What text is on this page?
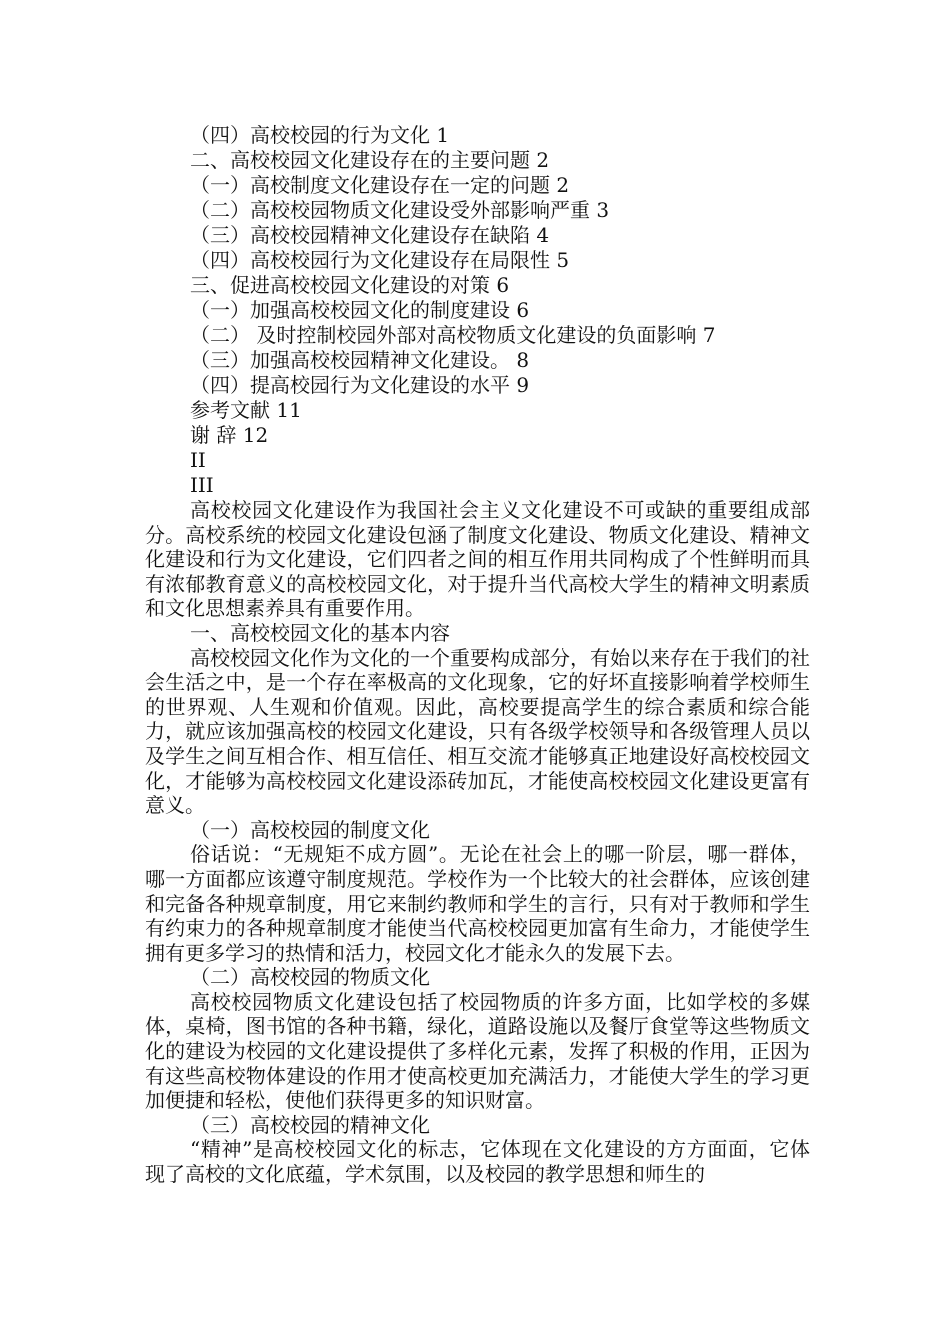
（四）高校校园的行为文化 1
二、高校校园文化建设存在的主要问题 2
（一）高校制度文化建设存在一定的问题 2
（二）高校校园物质文化建设受外部影响严重 3
（三）高校校园精神文化建设存在缺陷 4
（四）高校校园行为文化建设存在局限性 5
三、促进高校校园文化建设的对策 6
（一）加强高校校园文化的制度建设 6
（二） 及时控制校园外部对高校物质文化建设的负面影响 7
（三）加强高校校园精神文化建设。 8
（四）提高校园行为文化建设的水平 9
参考文献 11
谢 辞 12
II
III

高校校园文化建设作为我国社会主义文化建设不可或缺的重要组成部分。高校系统的校园文化建设包涵了制度文化建设、物质文化建设、精神文化建设和行为文化建设，它们四者之间的相互作用共同构成了个性鲜明而具有浓郁教育意义的高校校园文化，对于提升当代高校大学生的精神文明素质和文化思想素养具有重要作用。

一、高校校园文化的基本内容

高校校园文化作为文化的一个重要构成部分，有始以来存在于我们的社会生活之中，是一个存在率极高的文化现象，它的好坏直接影响着学校师生的世界观、人生观和价值观。因此，高校要提高学生的综合素质和综合能力，就应该加强高校的校园文化建设，只有各级学校领导和各级管理人员以及学生之间互相合作、相互信任、相互交流才能够真正地建设好高校校园文化，才能够为高校校园文化建设添砖加瓦，才能使高校校园文化建设更富有意义。

（一）高校校园的制度文化

俗话说：“无规矩不成方圆”。无论在社会上的哪一阶层，哪一群体，哪一方面都应该遵守制度规范。学校作为一个比较大的社会群体，应该创建和完备各种规章制度，用它来制约教师和学生的言行，只有对于教师和学生有约束力的各种规章制度才能使当代高校校园更加富有生命力，才能使学生拥有更多学习的热情和活力，校园文化才能永久的发展下去。

（二）高校校园的物质文化

高校校园物质文化建设包括了校园物质的许多方面，比如学校的多媒体，桌椅，图书馆的各种书籍，绿化，道路设施以及餐厅食堂等这些物质文化的建设为校园的文化建设提供了多样化元素，发挥了积极的作用，正因为有这些高校物体建设的作用才使高校更加充满活力，才能使大学生的学习更加便捷和轻松，使他们获得更多的知识财富。

（三）高校校园的精神文化

“精神”是高校校园文化的标志，它体现在文化建设的方方面面，它体现了高校的文化底蕴，学术氛围，以及校园的教学思想和师生的
